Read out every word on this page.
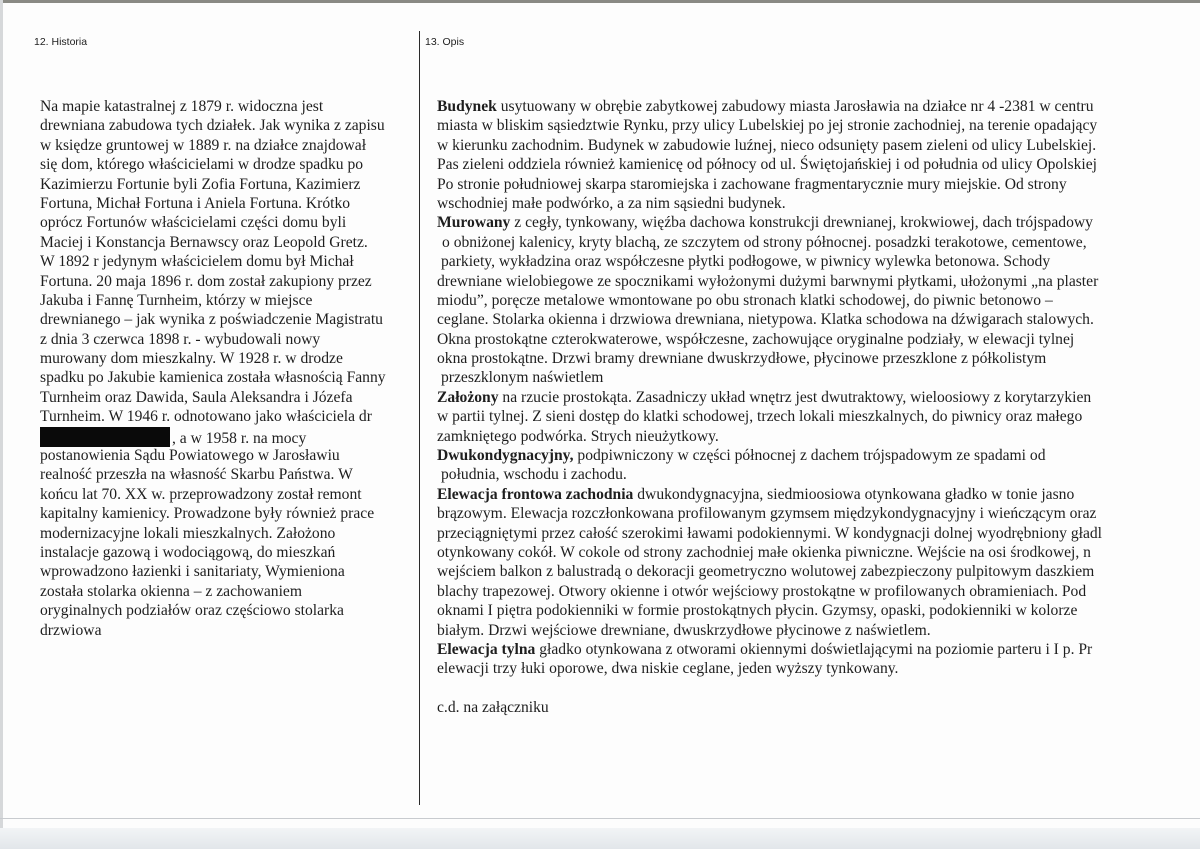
12. Historia	13. Opis
Na mapie katastralnej z 1879 r. widoczna jest
drewniana zabudowa tych działek. Jak wynika z zapisu
w księdze gruntowej w 1889 r. na działce znajdował
się dom, którego właścicielami w drodze spadku po
Kazimierzu Fortunie byli Zofia Fortuna, Kazimierz
Fortuna, Michał Fortuna i Aniela Fortuna. Krótko
oprócz Fortunów właścicielami części domu byli
Maciej i Konstancja Bernawscy oraz Leopold Gretz.
W 1892 r jedynym właścicielem domu był Michał
Fortuna. 20 maja 1896 r. dom został zakupiony przez
Jakuba i Fannę Turnheim, którzy w miejsce
drewnianego – jak wynika z poświadczenie Magistratu
z dnia 3 czerwca 1898 r. - wybudowali nowy
murowany dom mieszkalny. W 1928 r. w drodze
spadku po Jakubie kamienica została własnością Fanny
Turnheim oraz Dawida, Saula Aleksandra i Józefa
Turnheim. W 1946 r. odnotowano jako właściciela dr
, a w 1958 r. na mocy
postanowienia Sądu Powiatowego w Jarosławiu
realność przeszła na własność Skarbu Państwa. W
końcu lat 70. XX w. przeprowadzony został remont
kapitalny kamienicy. Prowadzone były również prace
modernizacyjne lokali mieszkalnych. Założono
instalacje gazową i wodociągową, do mieszkań
wprowadzono łazienki i sanitariaty, Wymieniona
została stolarka okienna – z zachowaniem
oryginalnych podziałów oraz częściowo stolarka
drzwiowa
Budynek usytuowany w obrębie zabytkowej zabudowy miasta Jarosławia na działce nr 4 -2381 w centru
miasta w bliskim sąsiedztwie Rynku, przy ulicy Lubelskiej po jej stronie zachodniej, na terenie opadający
w kierunku zachodnim. Budynek w zabudowie luźnej, nieco odsunięty pasem zieleni od ulicy Lubelskiej.
Pas zieleni oddziela również kamienicę od północy od ul. Świętojańskiej i od południa od ulicy Opolskiej
Po stronie południowej skarpa staromiejska i zachowane fragmentarycznie mury miejskie. Od strony
wschodniej małe podwórko, a za nim sąsiedni budynek.
Murowany z cegły, tynkowany, więźba dachowa konstrukcji drewnianej, krokwiowej, dach trójspadowy
o obniżonej kalenicy, kryty blachą, ze szczytem od strony północnej. posadzki terakotowe, cementowe,
parkiety, wykładzina oraz współczesne płytki podłogowe, w piwnicy wylewka betonowa. Schody
drewniane wielobiegowe ze spocznikami wyłożonymi dużymi barwnymi płytkami, ułożonymi „na plaster
miodu”, poręcze metalowe wmontowane po obu stronach klatki schodowej, do piwnic betonowo –
ceglane. Stolarka okienna i drzwiowa drewniana, nietypowa. Klatka schodowa na dźwigarach stalowych.
Okna prostokątne czterokwaterowe, współczesne, zachowujące oryginalne podziały, w elewacji tylnej
okna prostokątne. Drzwi bramy drewniane dwuskrzydłowe, płycinowe przeszklone z półkolistym
przeszklonym naświetlem
Założony na rzucie prostokąta. Zasadniczy układ wnętrz jest dwutraktowy, wieloosiowy z korytarzykien
w partii tylnej. Z sieni dostęp do klatki schodowej, trzech lokali mieszkalnych, do piwnicy oraz małego
zamkniętego podwórka. Strych nieużytkowy.
Dwukondygnacyjny, podpiwniczony w części północnej z dachem trójspadowym ze spadami od
południa, wschodu i zachodu.
Elewacja frontowa zachodnia dwukondygnacyjna, siedmioosiowa otynkowana gładko w tonie jasno
brązowym. Elewacja rozczłonkowana profilowanym gzymsem międzykondygnacyjny i wieńczącym oraz
przeciągniętymi przez całość szerokimi ławami podokiennymi. W kondygnacji dolnej wyodrębniony gładl
otynkowany cokół. W cokole od strony zachodniej małe okienka piwniczne. Wejście na osi środkowej, n
wejściem balkon z balustradą o dekoracji geometryczno wolutowej zabezpieczony pulpitowym daszkiem
blachy trapezowej. Otwory okienne i otwór wejściowy prostokątne w profilowanych obramieniach. Pod
oknami I piętra podokienniki w formie prostokątnych płycin. Gzymsy, opaski, podokienniki w kolorze
białym. Drzwi wejściowe drewniane, dwuskrzydłowe płycinowe z naświetlem.
Elewacja tylna gładko otynkowana z otworami okiennymi doświetlającymi na poziomie parteru i I p. Pr
elewacji trzy łuki oporowe, dwa niskie ceglane, jeden wyższy tynkowany.
c.d. na załączniku
